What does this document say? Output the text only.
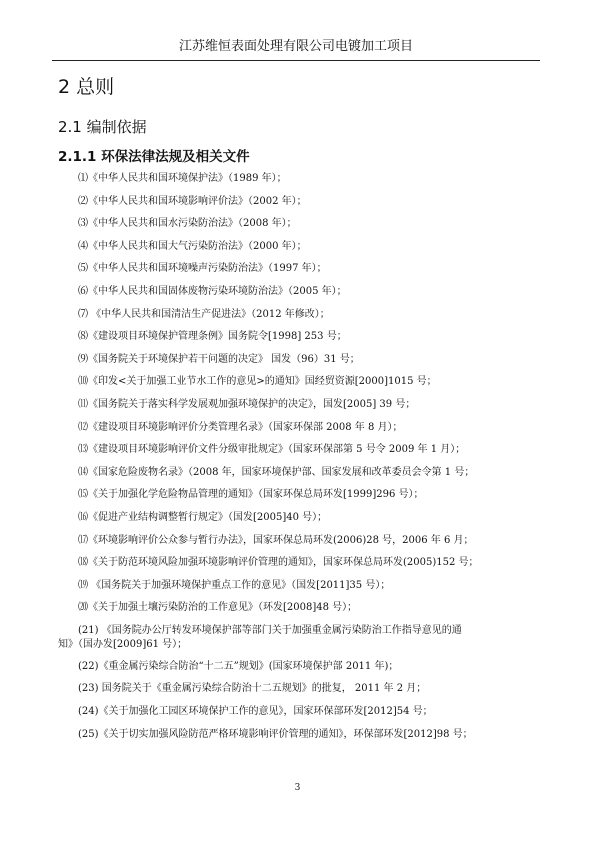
江苏维恒表面处理有限公司电镀加工项目
2 总则
2.1 编制依据
2.1.1 环保法律法规及相关文件
⑴《中华人民共和国环境保护法》（1989 年）；
⑵《中华人民共和国环境影响评价法》（2002 年）；
⑶《中华人民共和国水污染防治法》（2008 年）；
⑷《中华人民共和国大气污染防治法》（2000 年）；
⑸《中华人民共和国环境噪声污染防治法》（1997 年）；
⑹《中华人民共和国固体废物污染环境防治法》（2005 年）；
⑺ 《中华人民共和国清洁生产促进法》（2012 年修改）；
⑻《建设项目环境保护管理条例》国务院令[1998] 253 号；
⑼《国务院关于环境保护若干问题的决定》 国发（96）31 号；
⑽《印发<关于加强工业节水工作的意见>的通知》国经贸资源[2000]1015 号；
⑾《国务院关于落实科学发展观加强环境保护的决定》，国发[2005] 39 号；
⑿《建设项目环境影响评价分类管理名录》（国家环保部 2008 年 8 月）；
⒀《建设项目环境影响评价文件分级审批规定》（国家环保部第 5 号令 2009 年 1 月）；
⒁《国家危险废物名录》（2008 年，国家环境保护部、国家发展和改革委员会令第 1 号；
⒂《关于加强化学危险物品管理的通知》（国家环保总局环发[1999]296 号）；
⒃《促进产业结构调整暂行规定》（国发[2005]40 号）；
⒄《环境影响评价公众参与暂行办法》，国家环保总局环发(2006)28 号，2006 年 6 月；
⒅《关于防范环境风险加强环境影响评价管理的通知》，国家环保总局环发(2005)152 号；
⒆ 《国务院关于加强环境保护重点工作的意见》（国发[2011]35 号）；
⒇《关于加强土壤污染防治的工作意见》（环发[2008]48 号）；
(21) 《国务院办公厅转发环境保护部等部门关于加强重金属污染防治工作指导意见的通
知》（国办发[2009]61 号）；
(22)《重金属污染综合防治“十二五”规划》(国家环境保护部 2011 年)；
(23) 国务院关于《重金属污染综合防治十二五规划》的批复， 2011 年 2 月；
(24)《关于加强化工园区环境保护工作的意见》，国家环保部环发[2012]54 号；
(25)《关于切实加强风险防范严格环境影响评价管理的通知》，环保部环发[2012]98 号；
3
